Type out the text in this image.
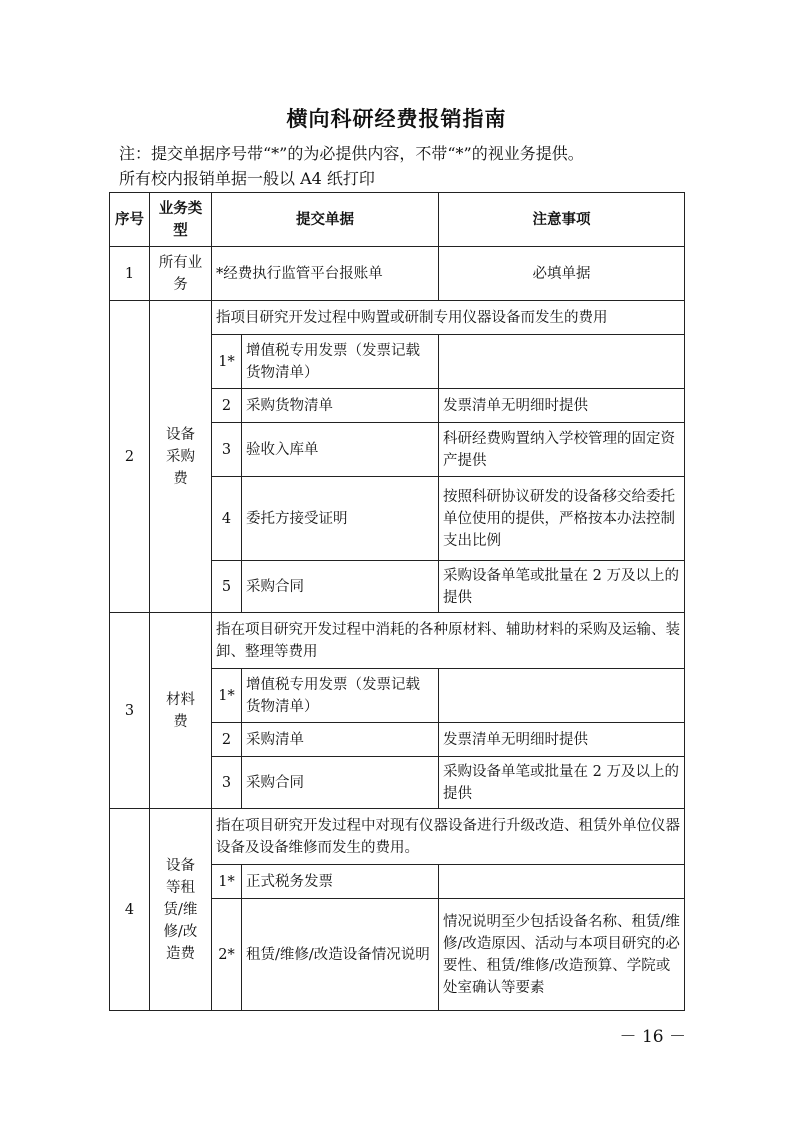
横向科研经费报销指南
注：提交单据序号带“*”的为必提供内容，不带“*”的视业务提供。
所有校内报销单据一般以 A4 纸打印
序号	业务类型	提交单据		注意事项
1	所有业务	*经费执行监管平台报账单		必填单据
2	设备采购费	指项目研究开发过程中购置或研制专用仪器设备而发生的费用		
		1*	增值税专用发票（发票记载货物清单）	
		2	采购货物清单	发票清单无明细时提供
		3	验收入库单	科研经费购置纳入学校管理的固定资产提供
		4	委托方接受证明	按照科研协议研发的设备移交给委托单位使用的提供，严格按本办法控制支出比例
		5	采购合同	采购设备单笔或批量在 2 万及以上的提供
3	材料费	指在项目研究开发过程中消耗的各种原材料、辅助材料的采购及运输、装卸、整理等费用		
		1*	增值税专用发票（发票记载货物清单）	
		2	采购清单	发票清单无明细时提供
		3	采购合同	采购设备单笔或批量在 2 万及以上的提供
4	设备等租赁/维修/改造费	指在项目研究开发过程中对现有仪器设备进行升级改造、租赁外单位仪器设备及设备维修而发生的费用。		
		1*	正式税务发票	
		2*	租赁/维修/改造设备情况说明	情况说明至少包括设备名称、租赁/维修/改造原因、活动与本项目研究的必要性、租赁/维修/改造预算、学院或处室确认等要素
－ 16 －
